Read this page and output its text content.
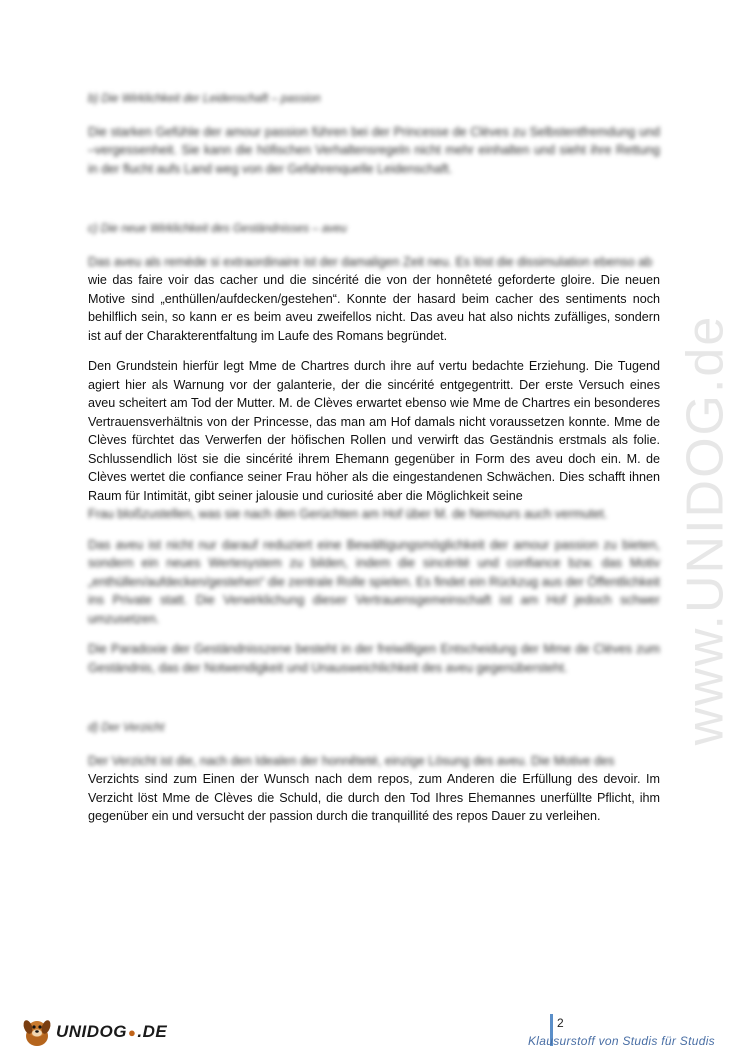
www.UNIDOG.de
b) Die Wirklichkeit der Leidenschaft – passion

Die starken Gefühle der amour passion führen bei der Princesse de Clèves zu Selbstentfremdung und –vergessenheit. Sie kann die höfischen Verhaltensregeln nicht mehr einhalten und sieht ihre Rettung in der flucht aufs Land weg von der Gefahrenquelle Leidenschaft.

c) Die neue Wirklichkeit des Geständnisses – aveu

Das aveu als remède si extraordinaire ist der damaligen Zeit neu. Es löst die dissimulation ebenso ab

wie das faire voir das cacher und die sincérité die von der honnêteté geforderte gloire. Die neuen Motive sind „enthüllen/aufdecken/gestehen“. Konnte der hasard beim cacher des sentiments noch behilflich sein, so kann er es beim aveu zweifellos nicht. Das aveu hat also nichts zufälliges, sondern ist auf der Charakterentfaltung im Laufe des Romans begründet.

Den Grundstein hierfür legt Mme de Chartres durch ihre auf vertu bedachte Erziehung. Die Tugend agiert hier als Warnung vor der galanterie, der die sincérité entgegentritt. Der erste Versuch eines aveu scheitert am Tod der Mutter. M. de Clèves erwartet ebenso wie Mme de Chartres ein besonderes Vertrauensverhältnis von der Princesse, das man am Hof damals nicht voraussetzen konnte. Mme de Clèves fürchtet das Verwerfen der höfischen Rollen und verwirft das Geständnis erstmals als folie. Schlussendlich löst sie die sincérité ihrem Ehemann gegenüber in Form des aveu doch ein. M. de Clèves wertet die confiance seiner Frau höher als die eingestandenen Schwächen. Dies schafft ihnen Raum für Intimität, gibt seiner jalousie und curiosité aber die Möglichkeit seine

Frau bloßzustellen, was sie nach den Gerüchten am Hof über M. de Nemours auch vermutet.

Das aveu ist nicht nur darauf reduziert eine Bewältigungsmöglichkeit der amour passion zu bieten, sondern ein neues Wertesystem zu bilden, indem die sincérité und confiance bzw. das Motiv „enthüllen/aufdecken/gestehen“ die zentrale Rolle spielen. Es findet ein Rückzug aus der Öffentlichkeit ins Private statt. Die Verwirklichung dieser Vertrauensgemeinschaft ist am Hof jedoch schwer umzusetzen.

Die Paradoxie der Geständnisszene besteht in der freiwilligen Entscheidung der Mme de Clèves zum Geständnis, das der Notwendigkeit und Unausweichlichkeit des aveu gegenübersteht.

d) Der Verzicht

Der Verzicht ist die, nach den Idealen der honnêteté, einzige Lösung des aveu. Die Motive des

Verzichts sind zum Einen der Wunsch nach dem repos, zum Anderen die Erfüllung des devoir. Im Verzicht löst Mme de Clèves die Schuld, die durch den Tod Ihres Ehemannes unerfüllte Pflicht, ihm gegenüber ein und versucht der passion durch die tranquillité des repos Dauer zu verleihen.

UNIDOG ● .DE	2
Klausurstoff von Studis für Studis
